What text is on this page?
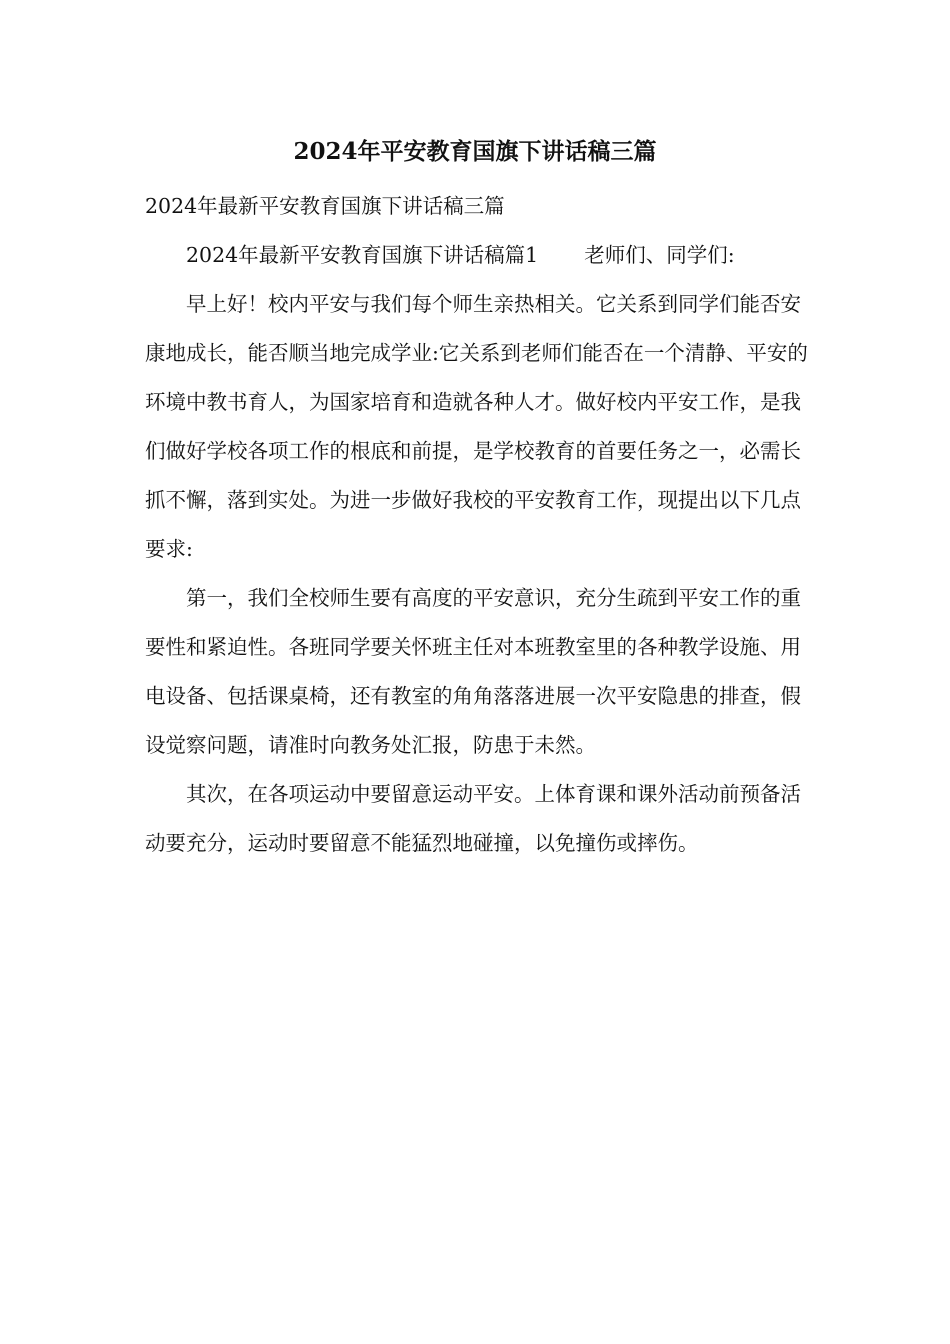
2024年平安教育国旗下讲话稿三篇

2024年最新平安教育国旗下讲话稿三篇

2024年最新平安教育国旗下讲话稿篇1 老师们、同学们:

早上好！校内平安与我们每个师生亲热相关。它关系到同学们能否安康地成长，能否顺当地完成学业:它关系到老师们能否在一个清静、平安的环境中教书育人，为国家培育和造就各种人才。做好校内平安工作，是我们做好学校各项工作的根底和前提，是学校教育的首要任务之一，必需长抓不懈，落到实处。为进一步做好我校的平安教育工作，现提出以下几点要求:

第一，我们全校师生要有高度的平安意识，充分生疏到平安工作的重要性和紧迫性。各班同学要关怀班主任对本班教室里的各种教学设施、用电设备、包括课桌椅，还有教室的角角落落进展一次平安隐患的排查，假设觉察问题，请准时向教务处汇报，防患于未然。

其次，在各项运动中要留意运动平安。上体育课和课外活动前预备活动要充分，运动时要留意不能猛烈地碰撞，以免撞伤或摔伤。
